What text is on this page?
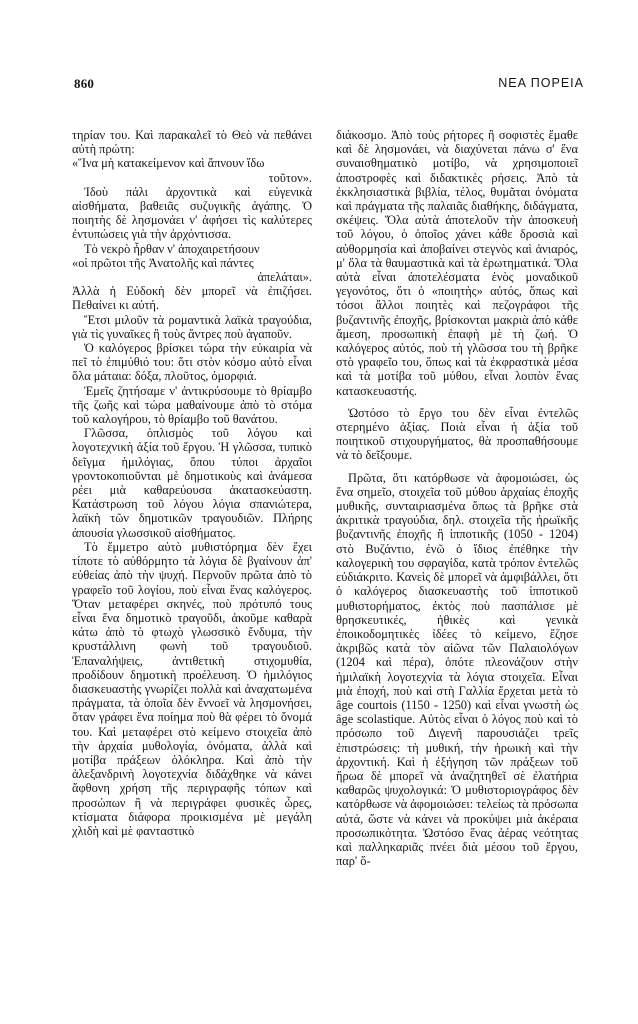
860	ΝΕΑ ΠΟΡΕΙΑ

τηρίαν του. Καὶ παρακαλεῖ τὸ Θεὸ νὰ πεθάνει αὐτὴ πρώτη:

«Ἵνα μὴ κατακείμενον καὶ ἄπνουν ἴδω

τοῦτον».

Ἰδοὺ πάλι ἀρχοντικὰ καὶ εὐγενικὰ αἰσθήματα, βαθειᾶς συζυγικῆς ἀγάπης. Ὁ ποιητὴς δὲ λησμονάει ν' ἀφήσει τὶς καλύτερες ἐντυπώσεις γιὰ τὴν ἀρχόντισσα.

Τὸ νεκρὸ ἦρθαν ν' ἀποχαιρετήσουν

«οἱ πρῶτοι τῆς Ἀνατολῆς καὶ πάντες

ἀπελάται».

Ἀλλὰ ἡ Εὐδοκὴ δὲν μπορεῖ νὰ ἐπιζήσει. Πεθαίνει κι αὐτή.

Ἔτσι μιλοῦν τὰ ρομαντικὰ λαϊκὰ τραγούδια, γιὰ τὶς γυναῖκες ἢ τοὺς ἄντρες ποὺ ἀγαποῦν.

Ὁ καλόγερος βρίσκει τώρα τὴν εὐκαιρία νὰ πεῖ τὸ ἐπιμύθιό του: ὅτι στὸν κόσμο αὐτὸ εἶναι ὅλα μάταια: δόξα, πλοῦτος, ὀμορφιά.

Ἐμεῖς ζητήσαμε ν' ἀντικρύσουμε τὸ θρίαμβο τῆς ζωῆς καὶ τώρα μαθαίνουμε ἀπὸ τὸ στόμα τοῦ καλογήρου, τὸ θρίαμβο τοῦ θανάτου.

Γλῶσσα, ὁπλισμὸς τοῦ λόγου καὶ λογοτεχνικὴ ἀξία τοῦ ἔργου. Ἡ γλῶσσα, τυπικὸ δεῖγμα ἡμιλόγιας, ὅπου τύποι ἀρχαῖοι γροντοκοπιοῦνται μὲ δημοτικοὺς καὶ ἀνάμεσα ρέει μιὰ καθαρεύουσα ἀκατασκεύαστη. Κατάστρωση τοῦ λόγου λόγια σπανιώτερα, λαϊκὴ τῶν δημοτικῶν τραγουδιῶν. Πλήρης ἀπουσία γλωσσικοῦ αἰσθήματος.

Τὸ ἔμμετρο αὐτὸ μυθιστόρημα δὲν ἔχει τίποτε τὸ αὐθόρμητο τὰ λόγια δὲ βγαίνουν ἀπ' εὐθείας ἀπὸ τὴν ψυχή. Περνοῦν πρῶτα ἀπὸ τὸ γραφεῖο τοῦ λογίου, ποὺ εἶναι ἕνας καλόγερος. Ὅταν μεταφέρει σκηνές, ποὺ πρότυπό τους εἶναι ἕνα δημοτικὸ τραγοῦδι, ἀκοῦμε καθαρὰ κάτω ἀπὸ τὸ φτωχὸ γλωσσικὸ ἔνδυμα, τὴν κρυστάλλινη φωνὴ τοῦ τραγουδιοῦ. Ἐπαναλήψεις, ἀντιθετικὴ στιχομυθία, προδίδουν δημοτικὴ προέλευση. Ὁ ἡμιλόγιος διασκευαστὴς γνωρίζει πολλὰ καὶ ἀναχατωμένα πράγματα, τὰ ὁποῖα δὲν ἔννοεῖ νὰ λησμονήσει, ὅταν γράφει ἕνα ποίημα ποὺ θὰ φέρει τὸ ὄνομά του. Καὶ μεταφέρει στὸ κείμενο στοιχεῖα ἀπὸ τὴν ἀρχαία μυθολογία, ὀνόματα, ἀλλὰ καὶ μοτίβα πράξεων ὁλόκληρα. Καὶ ἀπὸ τὴν ἀλεξανδρινὴ λογοτεχνία διδάχθηκε νὰ κάνει ἄφθονη χρήση τῆς περιγραφῆς τόπων καὶ προσώπων ἢ νὰ περιγράφει φυσικὲς ὧρες, κτίσματα διάφορα προικισμένα μὲ μεγάλη χλιδὴ καὶ μὲ φανταστικὸ

διάκοσμο. Ἀπὸ τοὺς ρήτορες ἢ σοφιστὲς ἔμαθε καὶ δὲ λησμονάει, νὰ διαχύνεται πάνω σ' ἕνα συναισθηματικὸ μοτίβο, νὰ χρησιμοποιεῖ ἀποστροφὲς καὶ διδακτικὲς ρήσεις. Ἀπὸ τὰ ἐκκλησιαστικὰ βιβλία, τέλος, θυμᾶται ὀνόματα καὶ πράγματα τῆς παλαιᾶς διαθήκης, διδάγματα, σκέψεις. Ὅλα αὐτὰ ἀποτελοῦν τὴν ἀποσκευὴ τοῦ λόγου, ὁ ὁποῖος χάνει κάθε δροσιὰ καὶ αὐθορμησία καὶ ἀποβαίνει στεγνὸς καὶ ἀνιαρός, μ' ὅλα τὰ θαυμαστικὰ καὶ τὰ ἐρωτηματικά. Ὅλα αὐτὰ εἶναι ἀποτελέσματα ἑνὸς μοναδικοῦ γεγονότος, ὅτι ὁ «ποιητὴς» αὐτός, ὅπως καὶ τόσοι ἄλλοι ποιητὲς καὶ πεζογράφοι τῆς βυζαντινῆς ἐποχῆς, βρίσκονται μακριὰ ἀπὸ κάθε ἄμεση, προσωπικὴ ἐπαφὴ μὲ τὴ ζωή. Ὁ καλόγερος αὐτός, ποὺ τὴ γλῶσσα του τὴ βρῆκε στὸ γραφεῖο του, ὅπως καὶ τὰ ἐκφραστικὰ μέσα καὶ τὰ μοτίβα τοῦ μύθου, εἶναι λοιπὸν ἕνας κατασκευαστής.

Ὡστόσο τὸ ἔργο του δὲν εἶναι ἐντελῶς στερημένο ἀξίας. Ποιὰ εἶναι ἡ ἀξία τοῦ ποιητικοῦ στιχουργήματος, θὰ προσπαθήσουμε νὰ τὸ δεῖξουμε.

Πρῶτα, ὅτι κατόρθωσε νὰ ἀφομοιώσει, ὡς ἕνα σημεῖο, στοιχεῖα τοῦ μύθου ἀρχαίας ἐποχῆς μυθικῆς, συνταιριασμένα ὅπως τὰ βρῆκε στὰ ἀκριτικὰ τραγούδια, δηλ. στοιχεῖα τῆς ἡρωϊκῆς βυζαντινῆς ἐποχῆς ἢ ἱπποτικῆς (1050 - 1204) στὸ Βυζάντιο, ἐνῶ ὁ ἴδιος ἐπέθηκε τὴν καλογερικὴ του σφραγίδα, κατὰ τρόπον ἐντελῶς εὐδιάκριτο. Κανεὶς δὲ μπορεῖ νὰ ἀμφιβάλλει, ὅτι ὁ καλόγερος διασκευαστὴς τοῦ ἱπποτικοῦ μυθιστορήματος, ἐκτὸς ποὺ πασπάλισε μὲ θρησκευτικές, ἠθικὲς καὶ γενικὰ ἐποικοδομητικὲς ἰδέες τὸ κείμενο, ἔζησε ἀκριβῶς κατὰ τὸν αἰῶνα τῶν Παλαιολόγων (1204 καὶ πέρα), ὁπότε πλεονάζουν στὴν ἡμιλαϊκὴ λογοτεχνία τὰ λόγια στοιχεῖα. Εἶναι μιὰ ἐποχή, ποὺ καὶ στὴ Γαλλία ἔρχεται μετὰ τὸ âge courtois (1150 - 1250) καὶ εἶναι γνωστὴ ὡς âge scolastique. Αὐτὸς εἶναι ὁ λόγος ποὺ καὶ τὸ πρόσωπο τοῦ Διγενῆ παρουσιάζει τρεῖς ἐπιστρώσεις: τὴ μυθική, τὴν ἡρωικὴ καὶ τὴν ἀρχοντική. Καὶ ἡ ἐξήγηση τῶν πράξεων τοῦ ἥρωα δὲ μπορεῖ νὰ ἀναζητηθεῖ σὲ ἐλατήρια καθαρῶς ψυχολογικά: Ὁ μυθιστοριογράφος δὲν κατόρθωσε νὰ ἀφομοιώσει: τελείως τὰ πρόσωπα αὐτά, ὥστε νὰ κάνει νὰ προκύψει μιὰ ἀκέραια προσωπικότητα. Ὡστόσο ἕνας ἀέρας νεότητας καὶ παλληκαριᾶς πνέει διὰ μέσου τοῦ ἔργου, παρ' ὅ-
